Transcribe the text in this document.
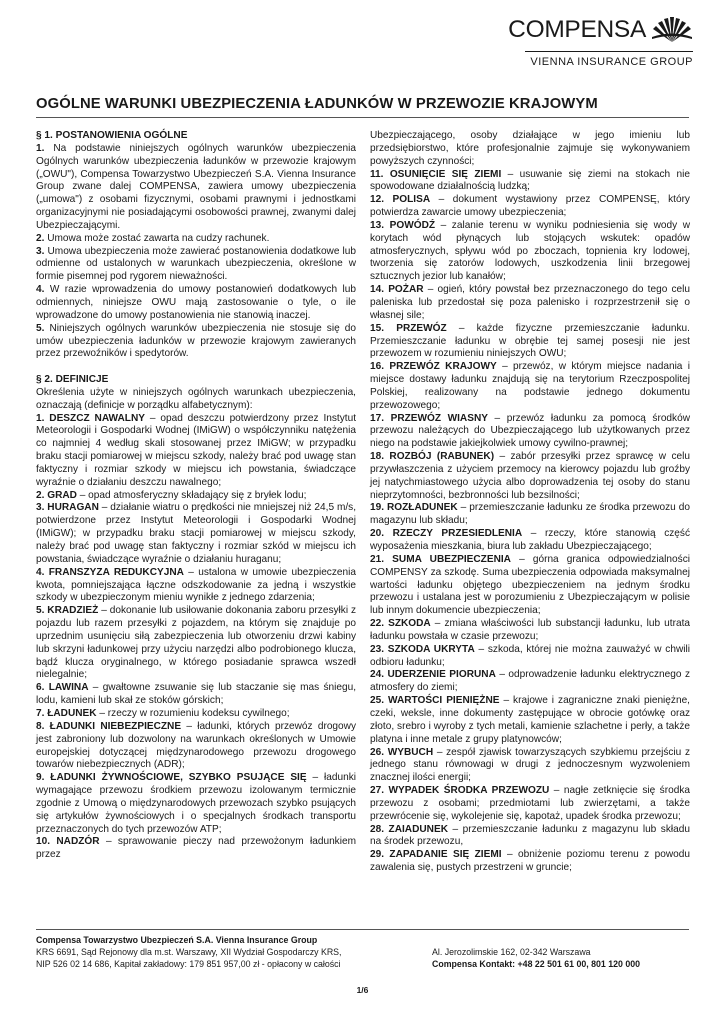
COMPENSA
VIENNA INSURANCE GROUP
OGÓLNE WARUNKI UBEZPIECZENIA ŁADUNKÓW W PRZEWOZIE KRAJOWYM

§ 1. POSTANOWIENIA OGÓLNE

1. Na podstawie niniejszych ogólnych warunków ubezpieczenia Ogólnych warunków ubezpieczenia ładunków w przewozie krajowym („OWU"), Compensa Towarzystwo Ubezpieczeń S.A. Vienna Insurance Group zwane dalej COMPENSA, zawiera umowy ubezpieczenia („umowa") z osobami fizycznymi, osobami prawnymi i jednostkami organizacyjnymi nie posiadającymi osobowości prawnej, zwanymi dalej Ubezpieczającymi.

2. Umowa może zostać zawarta na cudzy rachunek.

3. Umowa ubezpieczenia może zawierać postanowienia dodatkowe lub odmienne od ustalonych w warunkach ubezpieczenia, określone w formie pisemnej pod rygorem nieważności.

4. W razie wprowadzenia do umowy postanowień dodatkowych lub odmiennych, niniejsze OWU mają zastosowanie o tyle, o ile wprowadzone do umowy postanowienia nie stanowią inaczej.

5. Niniejszych ogólnych warunków ubezpieczenia nie stosuje się do umów ubezpieczenia ładunków w przewozie krajowym zawieranych przez przewoźników i spedytorów.

§ 2. DEFINICJE

Określenia użyte w niniejszych ogólnych warunkach ubezpieczenia, oznaczają (definicje w porządku alfabetycznym):

1. DESZCZ NAWALNY – opad deszczu potwierdzony przez Instytut Meteorologii i Gospodarki Wodnej (IMiGW) o współczynniku natężenia co najmniej 4 według skali stosowanej przez IMiGW; w przypadku braku stacji pomiarowej w miejscu szkody, należy brać pod uwagę stan faktyczny i rozmiar szkody w miejscu ich powstania, świadczące wyraźnie o działaniu deszczu nawalnego;

2. GRAD – opad atmosferyczny składający się z bryłek lodu;

3. HURAGAN – działanie wiatru o prędkości nie mniejszej niż 24,5 m/s, potwierdzone przez Instytut Meteorologii i Gospodarki Wodnej (IMiGW); w przypadku braku stacji pomiarowej w miejscu szkody, należy brać pod uwagę stan faktyczny i rozmiar szkód w miejscu ich powstania, świadczące wyraźnie o działaniu huraganu;

4. FRANSZYZA REDUKCYJNA – ustalona w umowie ubezpieczenia kwota, pomniejszająca łączne odszkodowanie za jedną i wszystkie szkody w ubezpieczonym mieniu wynikłe z jednego zdarzenia;

5. KRADZIEŻ – dokonanie lub usiłowanie dokonania zaboru przesyłki z pojazdu lub razem przesyłki z pojazdem, na którym się znajduje po uprzednim usunięciu siłą zabezpieczenia lub otworzeniu drzwi kabiny lub skrzyni ładunkowej przy użyciu narzędzi albo podrobionego klucza, bądź klucza oryginalnego, w którego posiadanie sprawca wszedł nielegalnie;

6. LAWINA – gwałtowne zsuwanie się lub staczanie się mas śniegu, lodu, kamieni lub skał ze stoków górskich;

7. ŁADUNEK – rzeczy w rozumieniu kodeksu cywilnego;

8. ŁADUNKI NIEBEZPIECZNE – ładunki, których przewóz drogowy jest zabroniony lub dozwolony na warunkach określonych w Umowie europejskiej dotyczącej międzynarodowego przewozu drogowego towarów niebezpiecznych (ADR);

9. ŁADUNKI ŻYWNOŚCIOWE, SZYBKO PSUJĄCE SIĘ – ładunki wymagające przewozu środkiem przewozu izolowanym termicznie zgodnie z Umową o międzynarodowych przewozach szybko psujących się artykułów żywnościowych i o specjalnych środkach transportu przeznaczonych do tych przewozów ATP;

10. NADZÓR – sprawowanie pieczy nad przewożonym ładunkiem przez

Ubezpieczającego, osoby działające w jego imieniu lub przedsiębiorstwo, które profesjonalnie zajmuje się wykonywaniem powyższych czynności;

11. OSUNIĘCIE SIĘ ZIEMI – usuwanie się ziemi na stokach nie spowodowane działalnością ludzką;

12. POLISA – dokument wystawiony przez COMPENSĘ, który potwierdza zawarcie umowy ubezpieczenia;

13. POWÓDŹ – zalanie terenu w wyniku podniesienia się wody w korytach wód płynących lub stojących wskutek: opadów atmosferycznych, spływu wód po zboczach, topnienia kry lodowej, tworzenia się zatorów lodowych, uszkodzenia linii brzegowej sztucznych jezior lub kanałów;

14. POŻAR – ogień, który powstał bez przeznaczonego do tego celu paleniska lub przedostał się poza palenisko i rozprzestrzenił się o własnej sile;

15. PRZEWÓZ – każde fizyczne przemieszczanie ładunku. Przemieszczanie ładunku w obrębie tej samej posesji nie jest przewozem w rozumieniu niniejszych OWU;

16. PRZEWÓZ KRAJOWY – przewóz, w którym miejsce nadania i miejsce dostawy ładunku znajdują się na terytorium Rzeczpospolitej Polskiej, realizowany na podstawie jednego dokumentu przewozowego;

17. PRZEWÓZ WIASNY – przewóz ładunku za pomocą środków przewozu należących do Ubezpieczającego lub użytkowanych przez niego na podstawie jakiejkolwiek umowy cywilno-prawnej;

18. ROZBÓJ (RABUNEK) – zabór przesyłki przez sprawcę w celu przywłaszczenia z użyciem przemocy na kierowcy pojazdu lub groźby jej natychmiastowego użycia albo doprowadzenia tej osoby do stanu nieprzytomności, bezbronności lub bezsilności;

19. ROZŁADUNEK – przemieszczanie ładunku ze środka przewozu do magazynu lub składu;

20. RZECZY PRZESIEDLENIA – rzeczy, które stanowią część wyposażenia mieszkania, biura lub zakładu Ubezpieczającego;

21. SUMA UBEZPIECZENIA – górna granica odpowiedzialności COMPENSY za szkodę. Suma ubezpieczenia odpowiada maksymalnej wartości ładunku objętego ubezpieczeniem na jednym środku przewozu i ustalana jest w porozumieniu z Ubezpieczającym w polisie lub innym dokumencie ubezpieczenia;

22. SZKODA – zmiana właściwości lub substancji ładunku, lub utrata ładunku powstała w czasie przewozu;

23. SZKODA UKRYTA – szkoda, której nie można zauważyć w chwili odbioru ładunku;

24. UDERZENIE PIORUNA – odprowadzenie ładunku elektrycznego z atmosfery do ziemi;

25. WARTOŚCI PIENIĘŻNE – krajowe i zagraniczne znaki pieniężne, czeki, weksle, inne dokumenty zastępujące w obrocie gotówkę oraz złoto, srebro i wyroby z tych metali, kamienie szlachetne i perły, a także platyna i inne metale z grupy platynowców;

26. WYBUCH – zespół zjawisk towarzyszących szybkiemu przejściu z jednego stanu równowagi w drugi z jednoczesnym wyzwoleniem znacznej ilości energii;

27. WYPADEK ŚRODKA PRZEWOZU – nagłe zetknięcie się środka przewozu z osobami; przedmiotami lub zwierzętami, a także przewrócenie się, wykolejenie się, kapotaż, upadek środka przewozu;

28. ZAIADUNEK – przemieszczanie ładunku z magazynu lub składu na środek przewozu,

29. ZAPADANIE SIĘ ZIEMI – obniżenie poziomu terenu z powodu zawalenia się, pustych przestrzeni w gruncie;

Compensa Towarzystwo Ubezpieczeń S.A. Vienna Insurance Group
KRS 6691, Sąd Rejonowy dla m.st. Warszawy, XII Wydział Gospodarczy KRS,
NIP 526 02 14 686, Kapitał zakładowy: 179 851 957,00 zł - opłacony w całości
Al. Jerozolimskie 162, 02-342 Warszawa
Compensa Kontakt: +48 22 501 61 00, 801 120 000
1/6
